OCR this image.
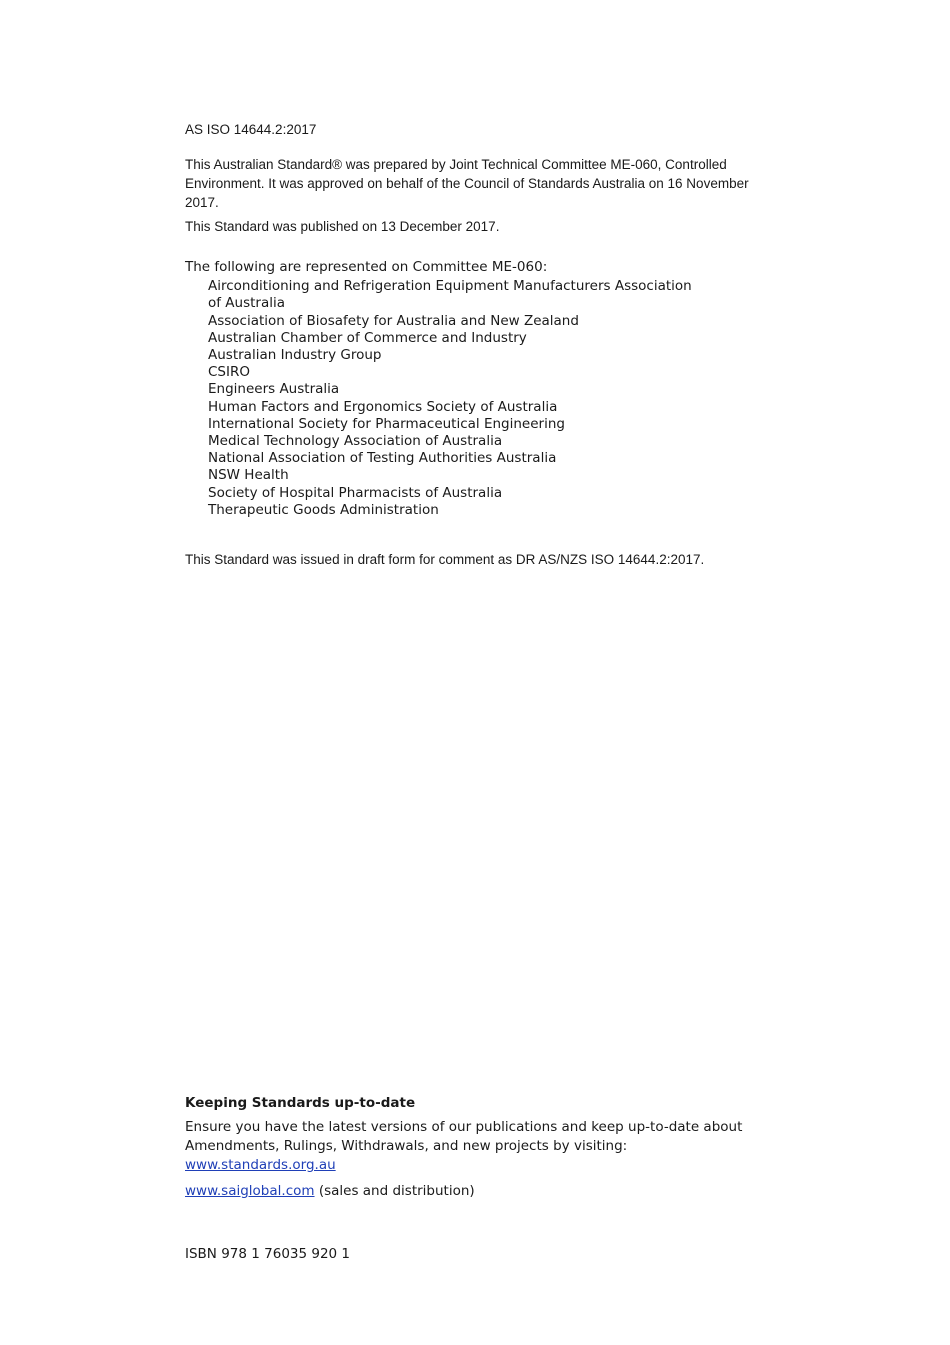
AS ISO 14644.2:2017
This Australian Standard® was prepared by Joint Technical Committee ME-060, Controlled Environment. It was approved on behalf of the Council of Standards Australia on 16 November 2017.
This Standard was published on 13 December 2017.
The following are represented on Committee ME-060:
Airconditioning and Refrigeration Equipment Manufacturers Association of Australia
Association of Biosafety for Australia and New Zealand
Australian Chamber of Commerce and Industry
Australian Industry Group
CSIRO
Engineers Australia
Human Factors and Ergonomics Society of Australia
International Society for Pharmaceutical Engineering
Medical Technology Association of Australia
National Association of Testing Authorities Australia
NSW Health
Society of Hospital Pharmacists of Australia
Therapeutic Goods Administration
This Standard was issued in draft form for comment as DR AS/NZS ISO 14644.2:2017.
Keeping Standards up-to-date

Ensure you have the latest versions of our publications and keep up-to-date about Amendments, Rulings, Withdrawals, and new projects by visiting:
www.standards.org.au

www.saiglobal.com (sales and distribution)

ISBN 978 1 76035 920 1
